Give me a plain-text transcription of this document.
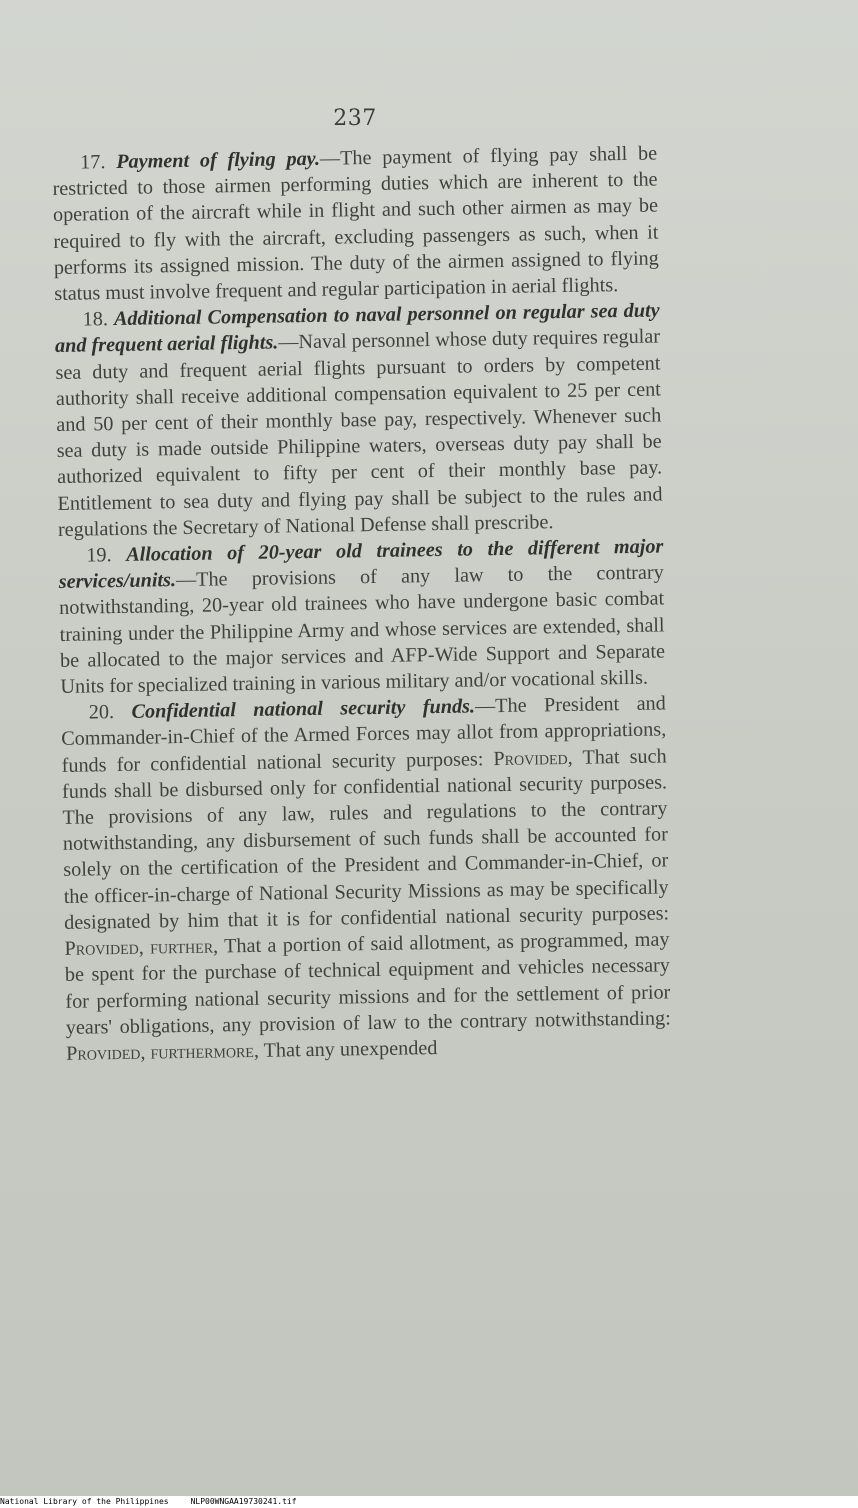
237

17. Payment of flying pay.—The payment of flying pay shall be restricted to those airmen performing duties which are inherent to the operation of the aircraft while in flight and such other airmen as may be required to fly with the aircraft, excluding passengers as such, when it performs its assigned mission. The duty of the airmen assigned to flying status must involve frequent and regular participation in aerial flights.

18. Additional Compensation to naval personnel on regular sea duty and frequent aerial flights.—Naval personnel whose duty requires regular sea duty and frequent aerial flights pursuant to orders by competent authority shall receive additional compensation equivalent to 25 per cent and 50 per cent of their monthly base pay, respectively. Whenever such sea duty is made outside Philippine waters, overseas duty pay shall be authorized equivalent to fifty per cent of their monthly base pay. Entitlement to sea duty and flying pay shall be subject to the rules and regulations the Secretary of National Defense shall prescribe.

19. Allocation of 20-year old trainees to the different major services/units.—The provisions of any law to the contrary notwithstanding, 20-year old trainees who have undergone basic combat training under the Philippine Army and whose services are extended, shall be allocated to the major services and AFP-Wide Support and Separate Units for specialized training in various military and/or vocational skills.

20. Confidential national security funds.—The President and Commander-in-Chief of the Armed Forces may allot from appropriations, funds for confidential national security purposes: Provided, That such funds shall be disbursed only for confidential national security purposes. The provisions of any law, rules and regulations to the contrary notwithstanding, any disbursement of such funds shall be accounted for solely on the certification of the President and Commander-in-Chief, or the officer-in-charge of National Security Missions as may be specifically designated by him that it is for confidential national security purposes: Provided, further, That a portion of said allotment, as programmed, may be spent for the purchase of technical equipment and vehicles necessary for performing national security missions and for the settlement of prior years' obligations, any provision of law to the contrary notwithstanding: Provided, furthermore, That any unexpended

National Library of the Philippines	NLP00WNGAA19730241.tif
